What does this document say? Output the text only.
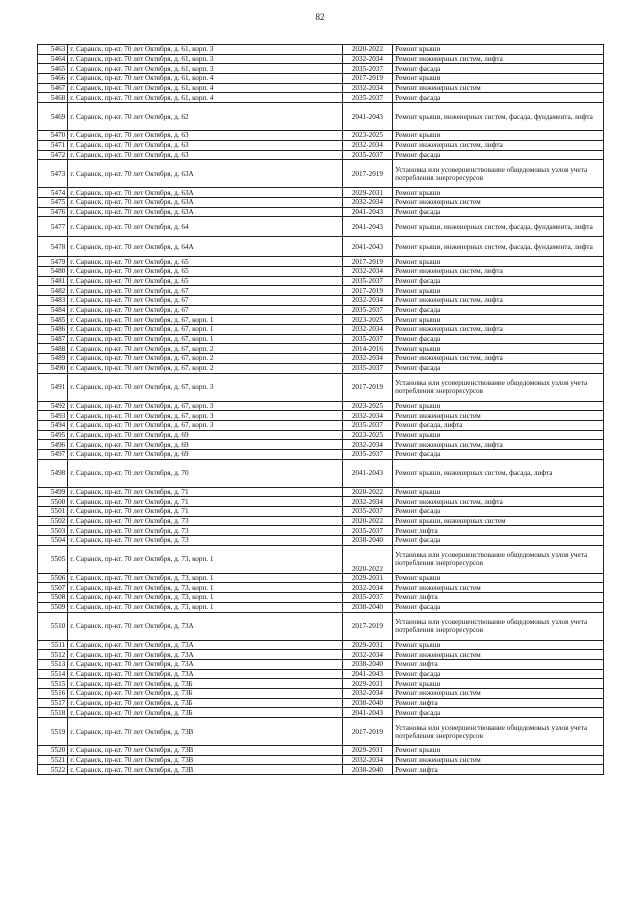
82
5463	г. Саранск, пр-кт. 70 лет Октября, д. 61, корп. 3	2020-2022	Ремонт крыши
5464	г. Саранск, пр-кт. 70 лет Октября, д. 61, корп. 3	2032-2034	Ремонт инженерных систем, лифта
5465	г. Саранск, пр-кт. 70 лет Октября, д. 61, корп. 3	2035-2037	Ремонт фасада
5466	г. Саранск, пр-кт. 70 лет Октября, д. 61, корп. 4	2017-2019	Ремонт крыши
5467	г. Саранск, пр-кт. 70 лет Октября, д. 61, корп. 4	2032-2034	Ремонт инженерных систем
5468	г. Саранск, пр-кт. 70 лет Октября, д. 61, корп. 4	2035-2037	Ремонт фасада
5469	г. Саранск, пр-кт. 70 лет Октября, д. 62	2041-2043	Ремонт крыши, инженерных систем, фасада, фундамента, лифта
5470	г. Саранск, пр-кт. 70 лет Октября, д. 63	2023-2025	Ремонт крыши
5471	г. Саранск, пр-кт. 70 лет Октября, д. 63	2032-2034	Ремонт инженерных систем, лифта
5472	г. Саранск, пр-кт. 70 лет Октября, д. 63	2035-2037	Ремонт фасада
5473	г. Саранск, пр-кт. 70 лет Октября, д. 63А	2017-2019	Установка или усовершенствование общедомовых узлов учета потребления энергоресурсов
5474	г. Саранск, пр-кт. 70 лет Октября, д. 63А	2029-2031	Ремонт крыши
5475	г. Саранск, пр-кт. 70 лет Октября, д. 63А	2032-2034	Ремонт инженерных систем
5476	г. Саранск, пр-кт. 70 лет Октября, д. 63А	2041-2043	Ремонт фасада
5477	г. Саранск, пр-кт. 70 лет Октября, д. 64	2041-2043	Ремонт крыши, инженерных систем, фасада, фундамента, лифта
5478	г. Саранск, пр-кт. 70 лет Октября, д. 64А	2041-2043	Ремонт крыши, инженерных систем, фасада, фундамента, лифта
5479	г. Саранск, пр-кт. 70 лет Октября, д. 65	2017-2019	Ремонт крыши
5480	г. Саранск, пр-кт. 70 лет Октября, д. 65	2032-2034	Ремонт инженерных систем, лифта
5481	г. Саранск, пр-кт. 70 лет Октября, д. 65	2035-2037	Ремонт фасада
5482	г. Саранск, пр-кт. 70 лет Октября, д. 67	2017-2019	Ремонт крыши
5483	г. Саранск, пр-кт. 70 лет Октября, д. 67	2032-2034	Ремонт инженерных систем, лифта
5484	г. Саранск, пр-кт. 70 лет Октября, д. 67	2035-2037	Ремонт фасада
5485	г. Саранск, пр-кт. 70 лет Октября, д. 67, корп. 1	2023-2025	Ремонт крыши
5486	г. Саранск, пр-кт. 70 лет Октября, д. 67, корп. 1	2032-2034	Ремонт инженерных систем, лифта
5487	г. Саранск, пр-кт. 70 лет Октября, д. 67, корп. 1	2035-2037	Ремонт фасада
5488	г. Саранск, пр-кт. 70 лет Октября, д. 67, корп. 2	2014-2016	Ремонт крыши
5489	г. Саранск, пр-кт. 70 лет Октября, д. 67, корп. 2	2032-2034	Ремонт инженерных систем, лифта
5490	г. Саранск, пр-кт. 70 лет Октября, д. 67, корп. 2	2035-2037	Ремонт фасада
5491	г. Саранск, пр-кт. 70 лет Октября, д. 67, корп. 3	2017-2019	Установка или усовершенствование общедомовых узлов учета потребления энергоресурсов
5492	г. Саранск, пр-кт. 70 лет Октября, д. 67, корп. 3	2023-2025	Ремонт крыши
5493	г. Саранск, пр-кт. 70 лет Октября, д. 67, корп. 3	2032-2034	Ремонт инженерных систем
5494	г. Саранск, пр-кт. 70 лет Октября, д. 67, корп. 3	2035-2037	Ремонт фасада, лифта
5495	г. Саранск, пр-кт. 70 лет Октября, д. 69	2023-2025	Ремонт крыши
5496	г. Саранск, пр-кт. 70 лет Октября, д. 69	2032-2034	Ремонт инженерных систем, лифта
5497	г. Саранск, пр-кт. 70 лет Октября, д. 69	2035-2037	Ремонт фасада
5498	г. Саранск, пр-кт. 70 лет Октября, д. 70	2041-2043	Ремонт крыши, инженерных систем, фасада, лифта
5499	г. Саранск, пр-кт. 70 лет Октября, д. 71	2020-2022	Ремонт крыши
5500	г. Саранск, пр-кт. 70 лет Октября, д. 71	2032-2034	Ремонт инженерных систем, лифта
5501	г. Саранск, пр-кт. 70 лет Октября, д. 71	2035-2037	Ремонт фасада
5502	г. Саранск, пр-кт. 70 лет Октября, д. 73	2020-2022	Ремонт крыши, инженерных систем
5503	г. Саранск, пр-кт. 70 лет Октября, д. 73	2035-2037	Ремонт лифта
5504	г. Саранск, пр-кт. 70 лет Октября, д. 73	2038-2040	Ремонт фасада
5505	г. Саранск, пр-кт. 70 лет Октября, д. 73, корп. 1	2020-2022	Установка или усовершенствование общедомовых узлов учета потребления энергоресурсов
5506	г. Саранск, пр-кт. 70 лет Октября, д. 73, корп. 1	2029-2031	Ремонт крыши
5507	г. Саранск, пр-кт. 70 лет Октября, д. 73, корп. 1	2032-2034	Ремонт инженерных систем
5508	г. Саранск, пр-кт. 70 лет Октября, д. 73, корп. 1	2035-2037	Ремонт лифта
5509	г. Саранск, пр-кт. 70 лет Октября, д. 73, корп. 1	2038-2040	Ремонт фасада
5510	г. Саранск, пр-кт. 70 лет Октября, д. 73А	2017-2019	Установка или усовершенствование общедомовых узлов учета потребления энергоресурсов
5511	г. Саранск, пр-кт. 70 лет Октября, д. 73А	2029-2031	Ремонт крыши
5512	г. Саранск, пр-кт. 70 лет Октября, д. 73А	2032-2034	Ремонт инженерных систем
5513	г. Саранск, пр-кт. 70 лет Октября, д. 73А	2038-2040	Ремонт лифта
5514	г. Саранск, пр-кт. 70 лет Октября, д. 73А	2041-2043	Ремонт фасада
5515	г. Саранск, пр-кт. 70 лет Октября, д. 73Б	2029-2031	Ремонт крыши
5516	г. Саранск, пр-кт. 70 лет Октября, д. 73Б	2032-2034	Ремонт инженерных систем
5517	г. Саранск, пр-кт. 70 лет Октября, д. 73Б	2038-2040	Ремонт лифта
5518	г. Саранск, пр-кт. 70 лет Октября, д. 73Б	2041-2043	Ремонт фасада
5519	г. Саранск, пр-кт. 70 лет Октября, д. 73В	2017-2019	Установка или усовершенствование общедомовых узлов учета потребления энергоресурсов
5520	г. Саранск, пр-кт. 70 лет Октября, д. 73В	2029-2031	Ремонт крыши
5521	г. Саранск, пр-кт. 70 лет Октября, д. 73В	2032-2034	Ремонт инженерных систем
5522	г. Саранск, пр-кт. 70 лет Октября, д. 73В	2038-2040	Ремонт лифта
